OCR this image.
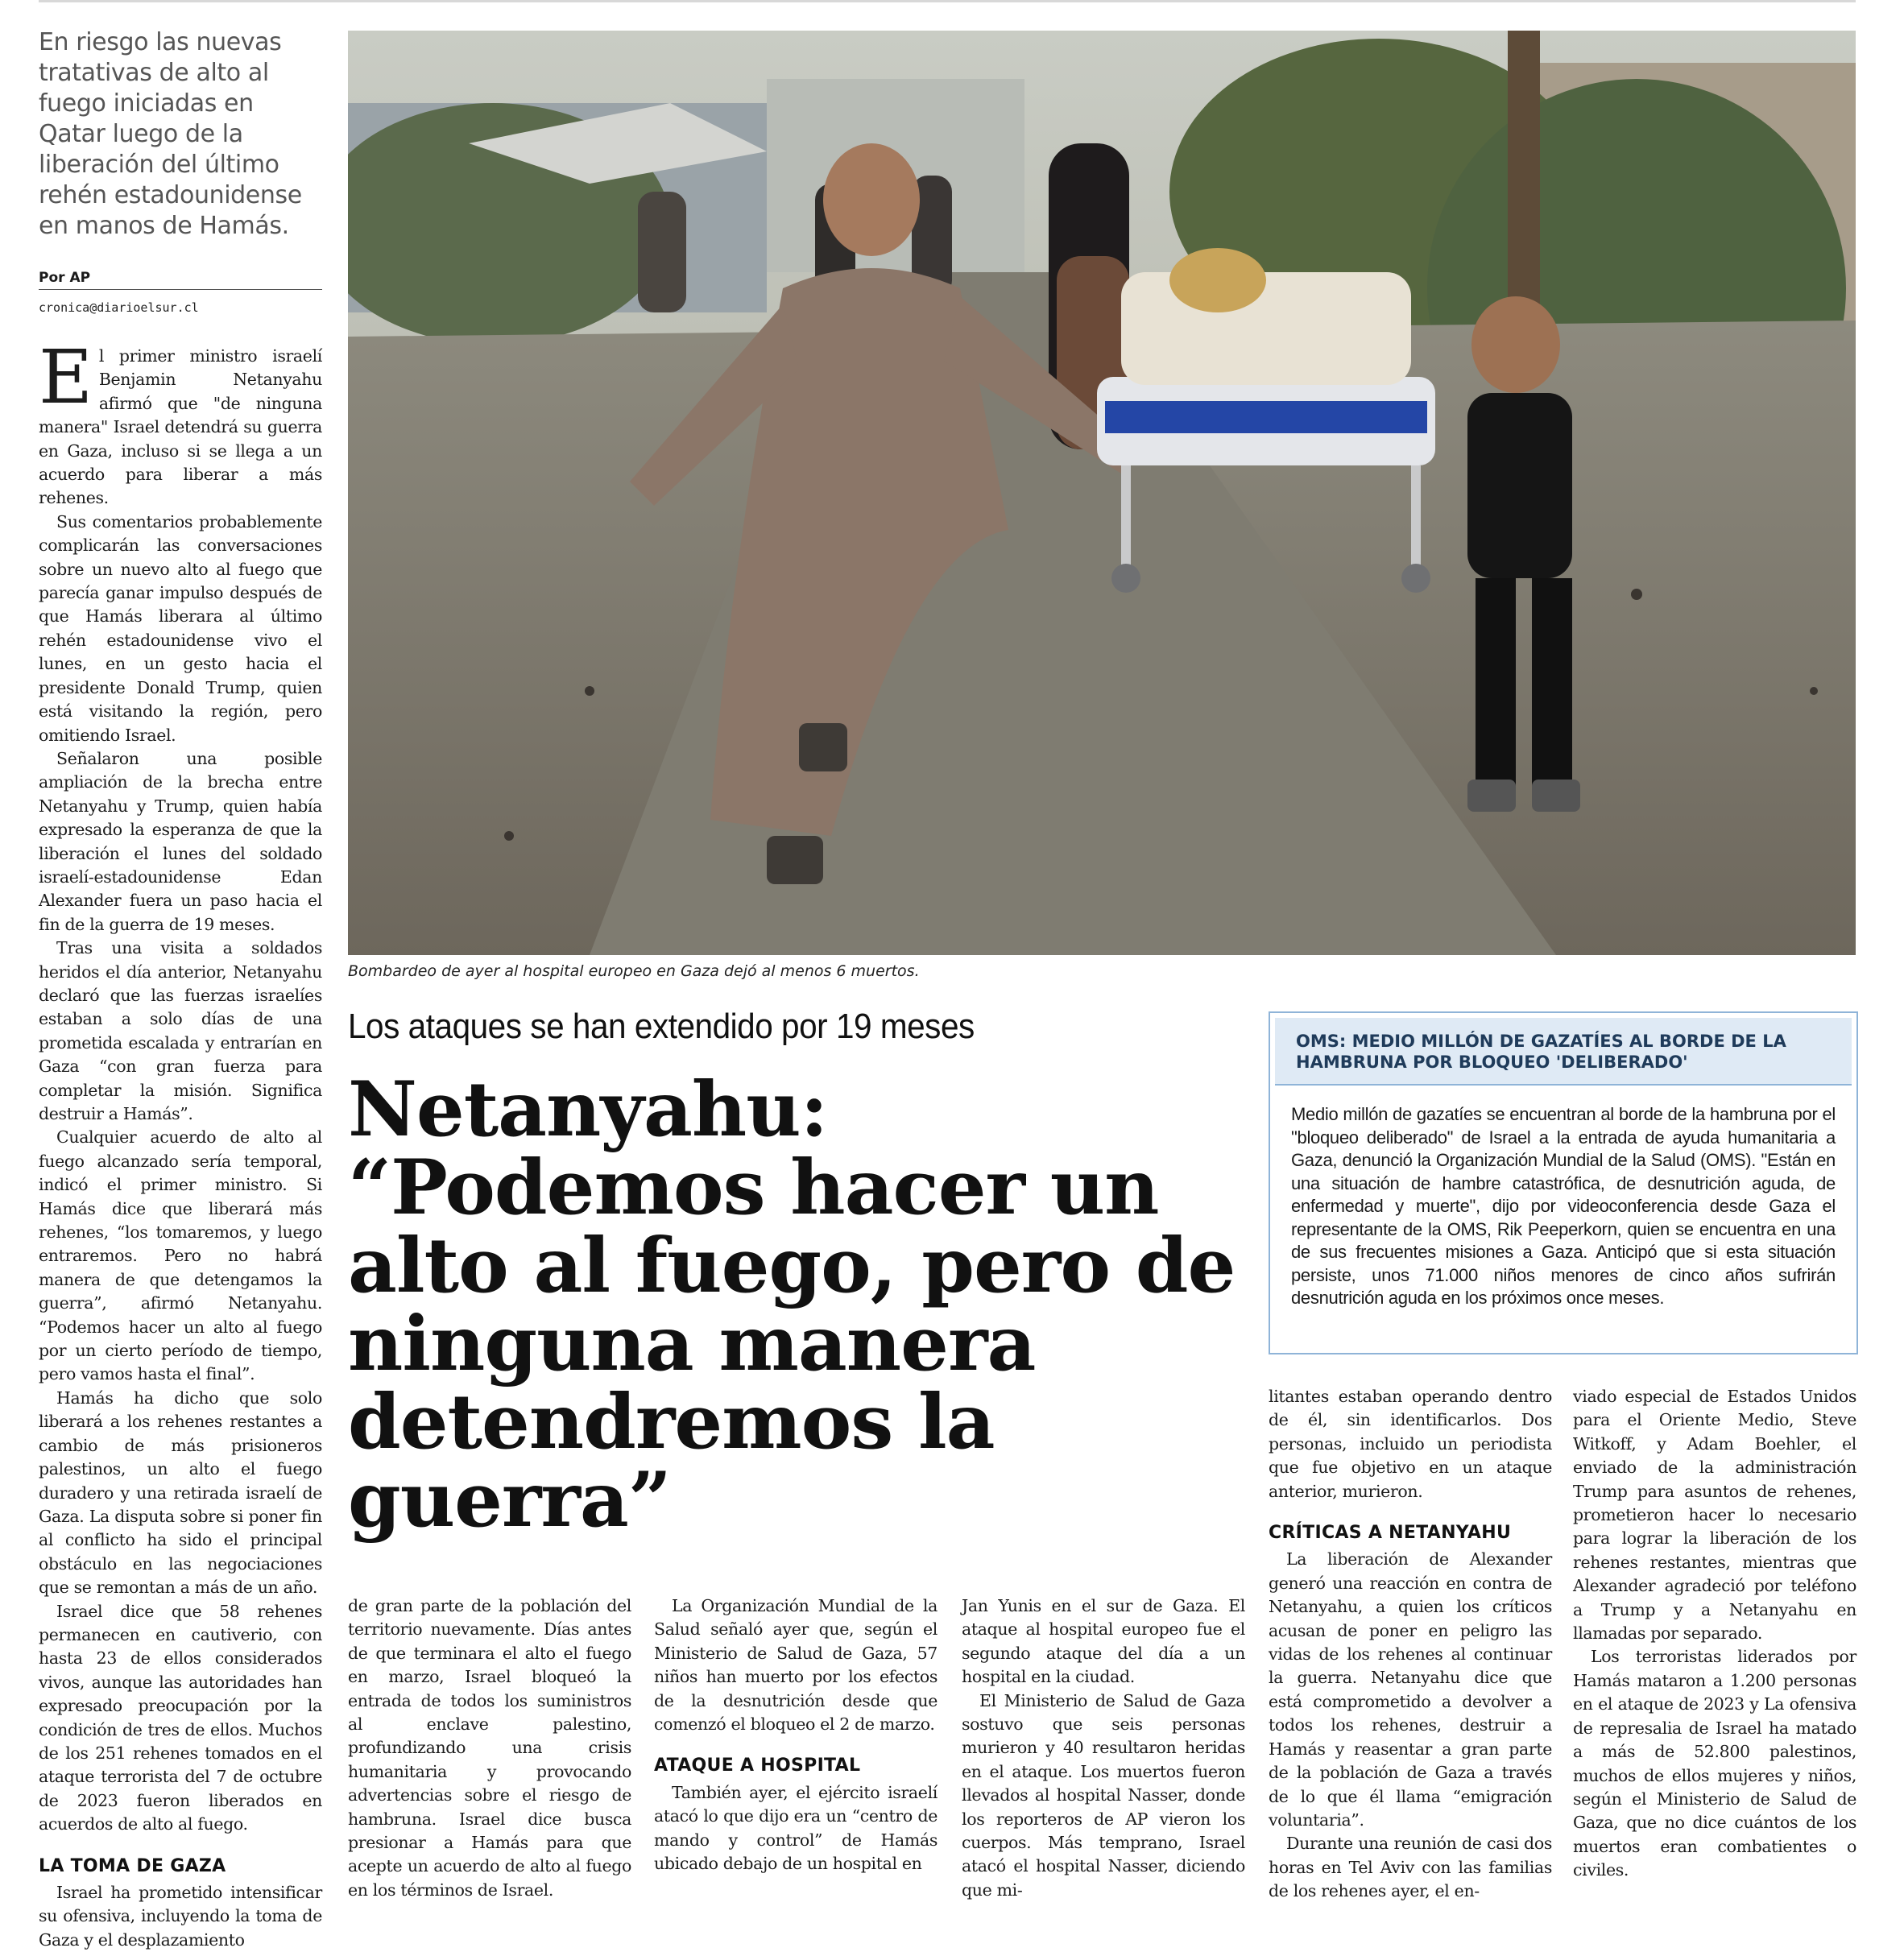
En riesgo las nuevas tratativas de alto al fuego iniciadas en Qatar luego de la liberación del último rehén estadounidense en manos de Hamás.
Por AP
cronica@diarioelsur.cl
Bombardeo de ayer al hospital europeo en Gaza dejó al menos 6 muertos.
Los ataques se han extendido por 19 meses
Netanyahu: “Podemos hacer un alto al fuego, pero de ninguna manera detendremos la guerra”
OMS: MEDIO MILLÓN DE GAZATÍES AL BORDE DE LA HAMBRUNA POR BLOQUEO 'DELIBERADO'
Medio millón de gazatíes se encuentran al borde de la hambruna por el "bloqueo deliberado" de Israel a la entrada de ayuda humanitaria a Gaza, denunció la Organización Mundial de la Salud (OMS). "Están en una situación de hambre catastrófica, de desnutrición aguda, de enfermedad y muerte", dijo por videoconferencia desde Gaza el representante de la OMS, Rik Peeperkorn, quien se encuentra en una de sus frecuentes misiones a Gaza. Anticipó que si esta situación persiste, unos 71.000 niños menores de cinco años sufrirán desnutrición aguda en los próximos once meses.

El primer ministro israelí Benjamin Netanyahu afirmó que "de ninguna manera" Israel detendrá su guerra en Gaza, incluso si se llega a un acuerdo para liberar a más rehenes.

Sus comentarios probablemente complicarán las conversaciones sobre un nuevo alto al fuego que parecía ganar impulso después de que Hamás liberara al último rehén estadounidense vivo el lunes, en un gesto hacia el presidente Donald Trump, quien está visitando la región, pero omitiendo Israel.

Señalaron una posible ampliación de la brecha entre Netanyahu y Trump, quien había expresado la esperanza de que la liberación el lunes del soldado israelí-estadounidense Edan Alexander fuera un paso hacia el fin de la guerra de 19 meses.

Tras una visita a soldados heridos el día anterior, Netanyahu declaró que las fuerzas israelíes estaban a solo días de una prometida escalada y entrarían en Gaza “con gran fuerza para completar la misión. Significa destruir a Hamás”.

Cualquier acuerdo de alto al fuego alcanzado sería temporal, indicó el primer ministro. Si Hamás dice que liberará más rehenes, “los tomaremos, y luego entraremos. Pero no habrá manera de que detengamos la guerra”, afirmó Netanyahu. “Podemos hacer un alto al fuego por un cierto período de tiempo, pero vamos hasta el final”.

Hamás ha dicho que solo liberará a los rehenes restantes a cambio de más prisioneros palestinos, un alto el fuego duradero y una retirada israelí de Gaza. La disputa sobre si poner fin al conflicto ha sido el principal obstáculo en las negociaciones que se remontan a más de un año.

Israel dice que 58 rehenes permanecen en cautiverio, con hasta 23 de ellos considerados vivos, aunque las autoridades han expresado preocupación por la condición de tres de ellos. Muchos de los 251 rehenes tomados en el ataque terrorista del 7 de octubre de 2023 fueron liberados en acuerdos de alto al fuego.

LA TOMA DE GAZA

Israel ha prometido intensificar su ofensiva, incluyendo la toma de Gaza y el desplazamiento

de gran parte de la población del territorio nuevamente. Días antes de que terminara el alto el fuego en marzo, Israel bloqueó la entrada de todos los suministros al enclave palestino, profundizando una crisis humanitaria y provocando advertencias sobre el riesgo de hambruna. Israel dice busca presionar a Hamás para que acepte un acuerdo de alto al fuego en los términos de Israel.

La Organización Mundial de la Salud señaló ayer que, según el Ministerio de Salud de Gaza, 57 niños han muerto por los efectos de la desnutrición desde que comenzó el bloqueo el 2 de marzo.

ATAQUE A HOSPITAL

También ayer, el ejército israelí atacó lo que dijo era un “centro de mando y control” de Hamás ubicado debajo de un hospital en

Jan Yunis en el sur de Gaza. El ataque al hospital europeo fue el segundo ataque del día a un hospital en la ciudad.

El Ministerio de Salud de Gaza sostuvo que seis personas murieron y 40 resultaron heridas en el ataque. Los muertos fueron llevados al hospital Nasser, donde los reporteros de AP vieron los cuerpos. Más temprano, Israel atacó el hospital Nasser, diciendo que mi-

litantes estaban operando dentro de él, sin identificarlos. Dos personas, incluido un periodista que fue objetivo en un ataque anterior, murieron.

CRÍTICAS A NETANYAHU

La liberación de Alexander generó una reacción en contra de Netanyahu, a quien los críticos acusan de poner en peligro las vidas de los rehenes al continuar la guerra. Netanyahu dice que está comprometido a devolver a todos los rehenes, destruir a Hamás y reasentar a gran parte de la población de Gaza a través de lo que él llama “emigración voluntaria”.

Durante una reunión de casi dos horas en Tel Aviv con las familias de los rehenes ayer, el en-

viado especial de Estados Unidos para el Oriente Medio, Steve Witkoff, y Adam Boehler, el enviado de la administración Trump para asuntos de rehenes, prometieron hacer lo necesario para lograr la liberación de los rehenes restantes, mientras que Alexander agradeció por teléfono a Trump y a Netanyahu en llamadas por separado.

Los terroristas liderados por Hamás mataron a 1.200 personas en el ataque de 2023 y La ofensiva de represalia de Israel ha matado a más de 52.800 palestinos, muchos de ellos mujeres y niños, según el Ministerio de Salud de Gaza, que no dice cuántos de los muertos eran combatientes o civiles.
